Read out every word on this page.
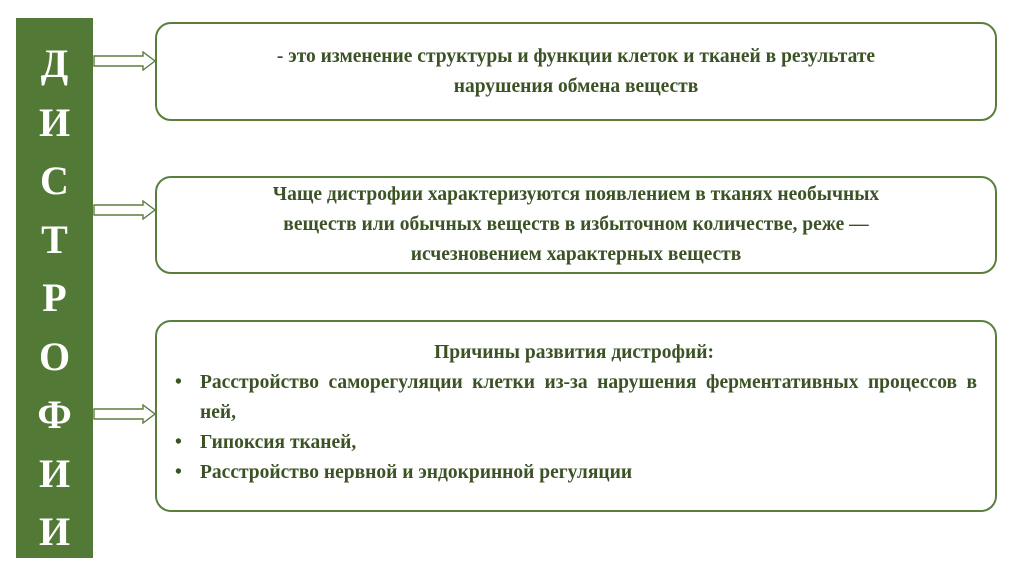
Д
И
С
Т
Р
О
Ф
И
И
- это изменение структуры и функции клеток и тканей в результате
нарушения обмена веществ
Чаще дистрофии характеризуются появлением в тканях необычных
веществ или обычных веществ в избыточном количестве, реже —
исчезновением характерных веществ
Причины развития дистрофий:
• Расстройство саморегуляции клетки из-за нарушения ферментативных процессов в ней,
• Гипоксия тканей,
• Расстройство нервной и эндокринной регуляции
